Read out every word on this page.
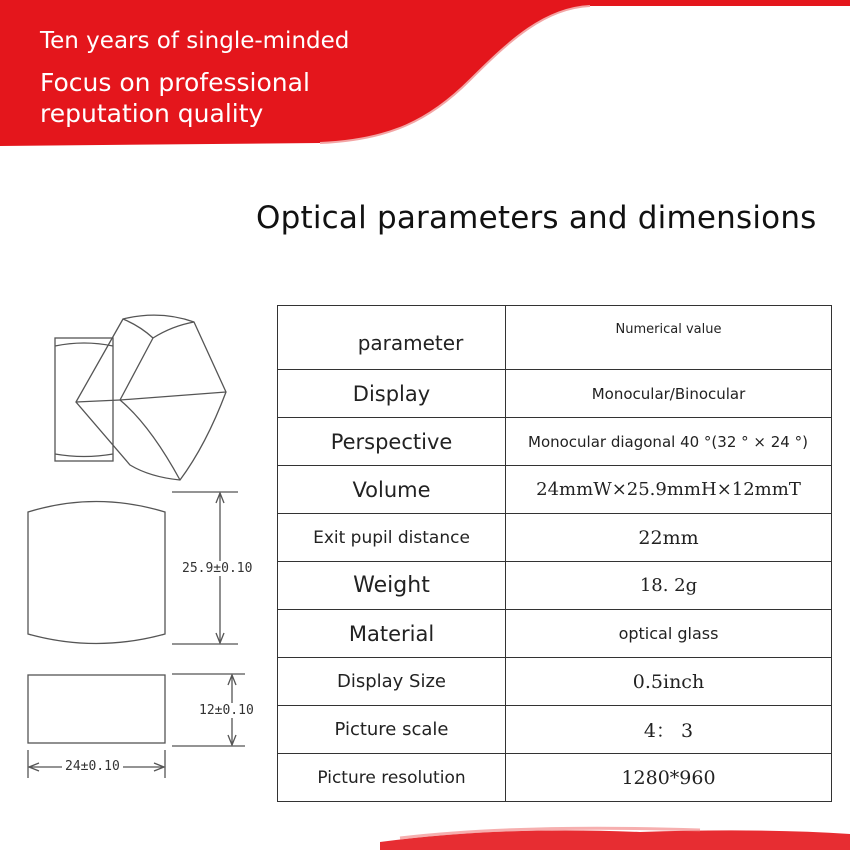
Ten years of single-minded
Focus on professional reputation quality
Optical parameters and dimensions
25.9±0.10
12±0.10
24±0.10
parameter	Numerical value
Display	Monocular/Binocular
Perspective	Monocular diagonal 40 °(32 ° × 24 °)
Volume	24mmW×25.9mmH×12mmT
Exit pupil distance	22mm
Weight	18. 2g
Material	optical glass
Display Size	0.5inch
Picture scale	4： 3
Picture resolution	1280*960
